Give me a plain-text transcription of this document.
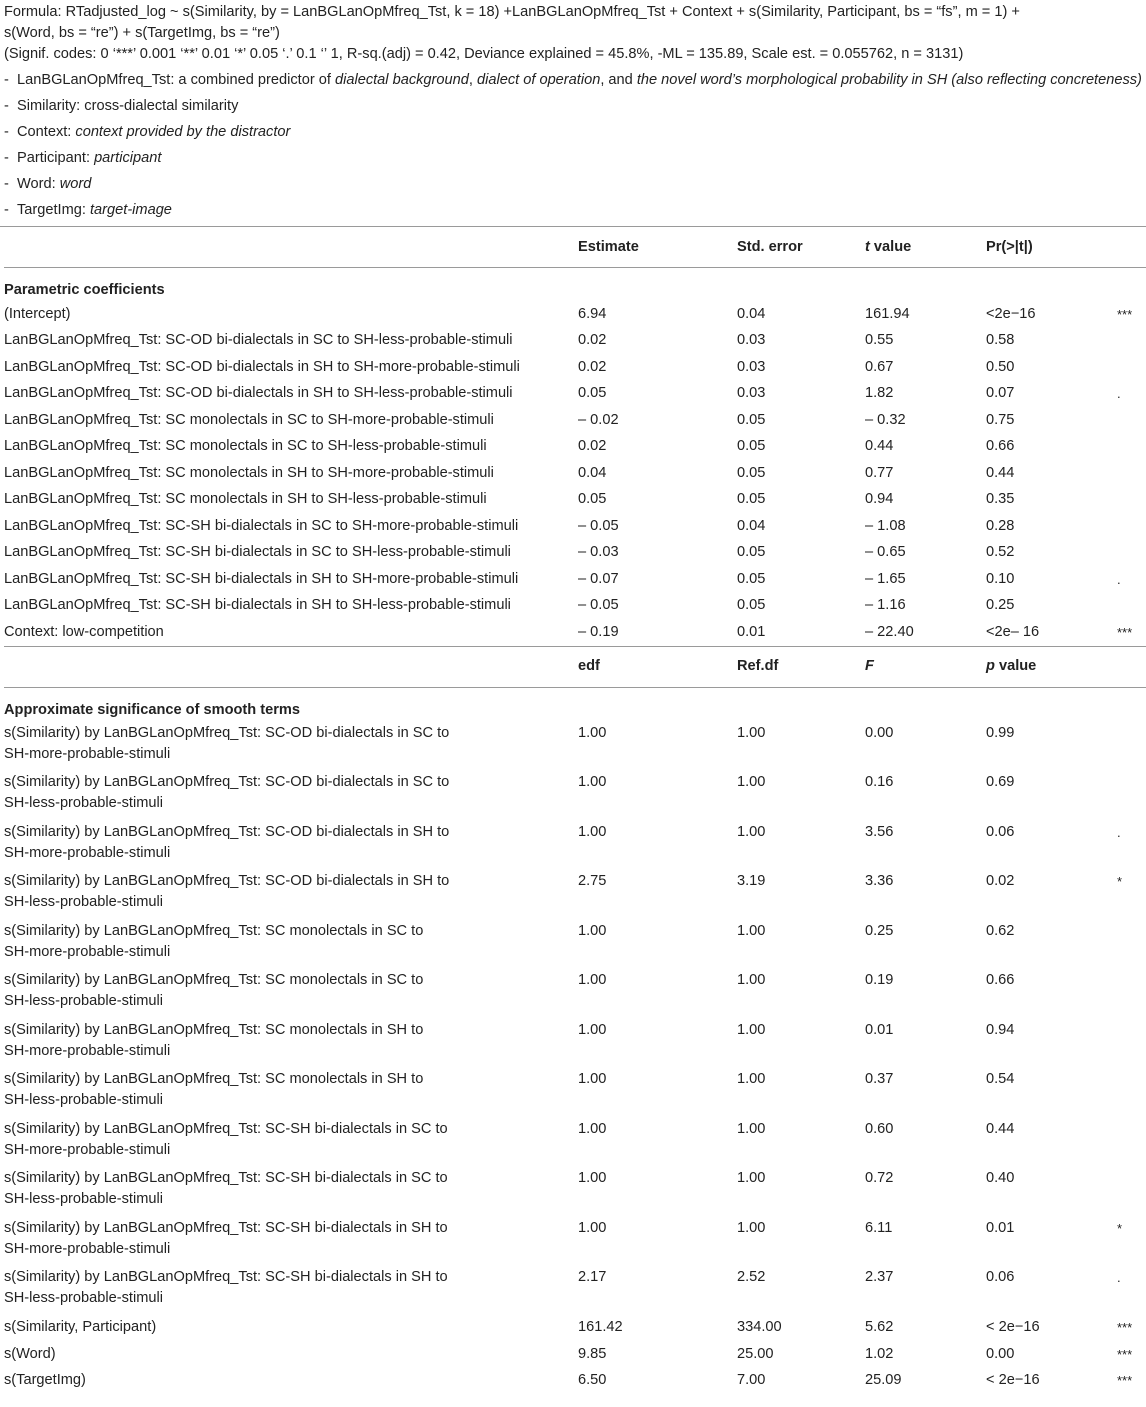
Formula: RTadjusted_log ~ s(Similarity, by = LanBGLanOpMfreq_Tst, k = 18) +LanBGLanOpMfreq_Tst + Context + s(Similarity, Participant, bs = “fs”, m = 1) +
s(Word, bs = “re”) + s(TargetImg, bs = “re”)
(Signif. codes: 0 ‘***’ 0.001 ‘**’ 0.01 ‘*’ 0.05 ‘.’ 0.1 ‘’ 1, R-sq.(adj) = 0.42, Deviance explained = 45.8%, -ML = 135.89, Scale est. = 0.055762, n = 3131)
- LanBGLanOpMfreq_Tst: a combined predictor of dialectal background, dialect of operation, and the novel word’s morphological probability in SH (also reflecting concreteness)
- Similarity: cross-dialectal similarity
- Context: context provided by the distractor
- Participant: participant
- Word: word
- TargetImg: target-image
	Estimate	Std. error	t value	Pr(>|t|)	
Parametric coefficients					
(Intercept)	6.94	0.04	161.94	<2e−16	***
LanBGLanOpMfreq_Tst: SC-OD bi-dialectals in SC to SH-less-probable-stimuli	0.02	0.03	0.55	0.58	
LanBGLanOpMfreq_Tst: SC-OD bi-dialectals in SH to SH-more-probable-stimuli	0.02	0.03	0.67	0.50	
LanBGLanOpMfreq_Tst: SC-OD bi-dialectals in SH to SH-less-probable-stimuli	0.05	0.03	1.82	0.07	.
LanBGLanOpMfreq_Tst: SC monolectals in SC to SH-more-probable-stimuli	– 0.02	0.05	– 0.32	0.75	
LanBGLanOpMfreq_Tst: SC monolectals in SC to SH-less-probable-stimuli	0.02	0.05	0.44	0.66	
LanBGLanOpMfreq_Tst: SC monolectals in SH to SH-more-probable-stimuli	0.04	0.05	0.77	0.44	
LanBGLanOpMfreq_Tst: SC monolectals in SH to SH-less-probable-stimuli	0.05	0.05	0.94	0.35	
LanBGLanOpMfreq_Tst: SC-SH bi-dialectals in SC to SH-more-probable-stimuli	– 0.05	0.04	– 1.08	0.28	
LanBGLanOpMfreq_Tst: SC-SH bi-dialectals in SC to SH-less-probable-stimuli	– 0.03	0.05	– 0.65	0.52	
LanBGLanOpMfreq_Tst: SC-SH bi-dialectals in SH to SH-more-probable-stimuli	– 0.07	0.05	– 1.65	0.10	.
LanBGLanOpMfreq_Tst: SC-SH bi-dialectals in SH to SH-less-probable-stimuli	– 0.05	0.05	– 1.16	0.25	
Context: low-competition	– 0.19	0.01	– 22.40	<2e– 16	***
	edf	Ref.df	F	p value	
Approximate significance of smooth terms					

s(Similarity) by LanBGLanOpMfreq_Tst: SC-OD bi-dialectals in SC to
SH-more-probable-stimuli	1.00	1.00	0.00	0.99	

s(Similarity) by LanBGLanOpMfreq_Tst: SC-OD bi-dialectals in SC to
SH-less-probable-stimuli	1.00	1.00	0.16	0.69	

s(Similarity) by LanBGLanOpMfreq_Tst: SC-OD bi-dialectals in SH to
SH-more-probable-stimuli	1.00	1.00	3.56	0.06	.

s(Similarity) by LanBGLanOpMfreq_Tst: SC-OD bi-dialectals in SH to
SH-less-probable-stimuli	2.75	3.19	3.36	0.02	*

s(Similarity) by LanBGLanOpMfreq_Tst: SC monolectals in SC to
SH-more-probable-stimuli	1.00	1.00	0.25	0.62	

s(Similarity) by LanBGLanOpMfreq_Tst: SC monolectals in SC to
SH-less-probable-stimuli	1.00	1.00	0.19	0.66	

s(Similarity) by LanBGLanOpMfreq_Tst: SC monolectals in SH to
SH-more-probable-stimuli	1.00	1.00	0.01	0.94	

s(Similarity) by LanBGLanOpMfreq_Tst: SC monolectals in SH to
SH-less-probable-stimuli	1.00	1.00	0.37	0.54	

s(Similarity) by LanBGLanOpMfreq_Tst: SC-SH bi-dialectals in SC to
SH-more-probable-stimuli	1.00	1.00	0.60	0.44	

s(Similarity) by LanBGLanOpMfreq_Tst: SC-SH bi-dialectals in SC to
SH-less-probable-stimuli	1.00	1.00	0.72	0.40	

s(Similarity) by LanBGLanOpMfreq_Tst: SC-SH bi-dialectals in SH to
SH-more-probable-stimuli	1.00	1.00	6.11	0.01	*

s(Similarity) by LanBGLanOpMfreq_Tst: SC-SH bi-dialectals in SH to
SH-less-probable-stimuli	2.17	2.52	2.37	0.06	.
s(Similarity, Participant)	161.42	334.00	5.62	< 2e−16	***
s(Word)	9.85	25.00	1.02	0.00	***
s(TargetImg)	6.50	7.00	25.09	< 2e−16	***
